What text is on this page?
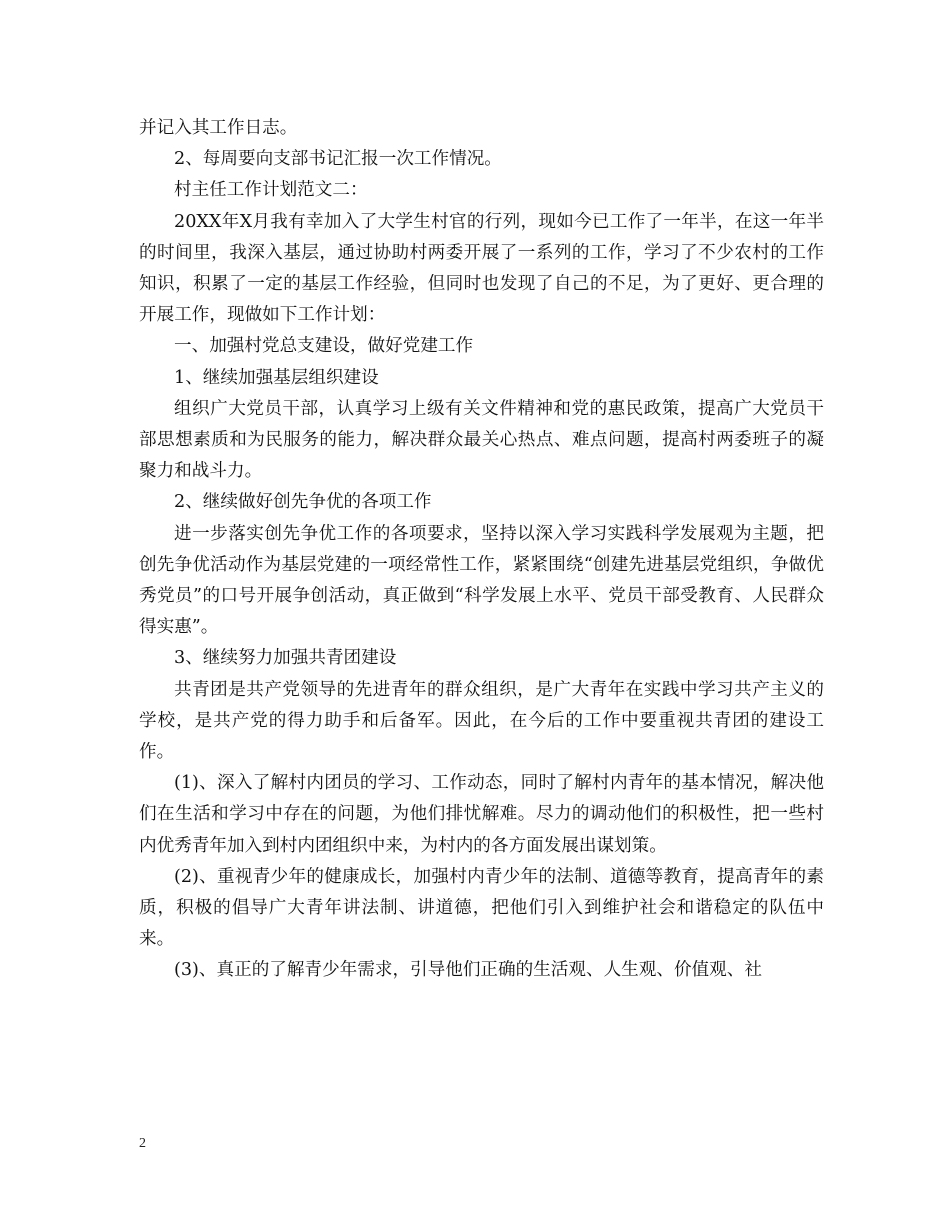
并记入其工作日志。

2、每周要向支部书记汇报一次工作情况。

村主任工作计划范文二：

20XX年X月我有幸加入了大学生村官的行列，现如今已工作了一年半，在这一年半的时间里，我深入基层，通过协助村两委开展了一系列的工作，学习了不少农村的工作知识，积累了一定的基层工作经验，但同时也发现了自己的不足，为了更好、更合理的开展工作，现做如下工作计划：

一、加强村党总支建设，做好党建工作

1、继续加强基层组织建设

组织广大党员干部，认真学习上级有关文件精神和党的惠民政策，提高广大党员干部思想素质和为民服务的能力，解决群众最关心热点、难点问题，提高村两委班子的凝聚力和战斗力。

2、继续做好创先争优的各项工作

进一步落实创先争优工作的各项要求，坚持以深入学习实践科学发展观为主题，把创先争优活动作为基层党建的一项经常性工作，紧紧围绕“创建先进基层党组织，争做优秀党员”的口号开展争创活动，真正做到“科学发展上水平、党员干部受教育、人民群众得实惠”。

3、继续努力加强共青团建设

共青团是共产党领导的先进青年的群众组织，是广大青年在实践中学习共产主义的学校，是共产党的得力助手和后备军。因此，在今后的工作中要重视共青团的建设工作。

(1)、深入了解村内团员的学习、工作动态，同时了解村内青年的基本情况，解决他们在生活和学习中存在的问题，为他们排忧解难。尽力的调动他们的积极性，把一些村内优秀青年加入到村内团组织中来，为村内的各方面发展出谋划策。

(2)、重视青少年的健康成长，加强村内青少年的法制、道德等教育，提高青年的素质，积极的倡导广大青年讲法制、讲道德，把他们引入到维护社会和谐稳定的队伍中来。

(3)、真正的了解青少年需求，引导他们正确的生活观、人生观、价值观、社

2
